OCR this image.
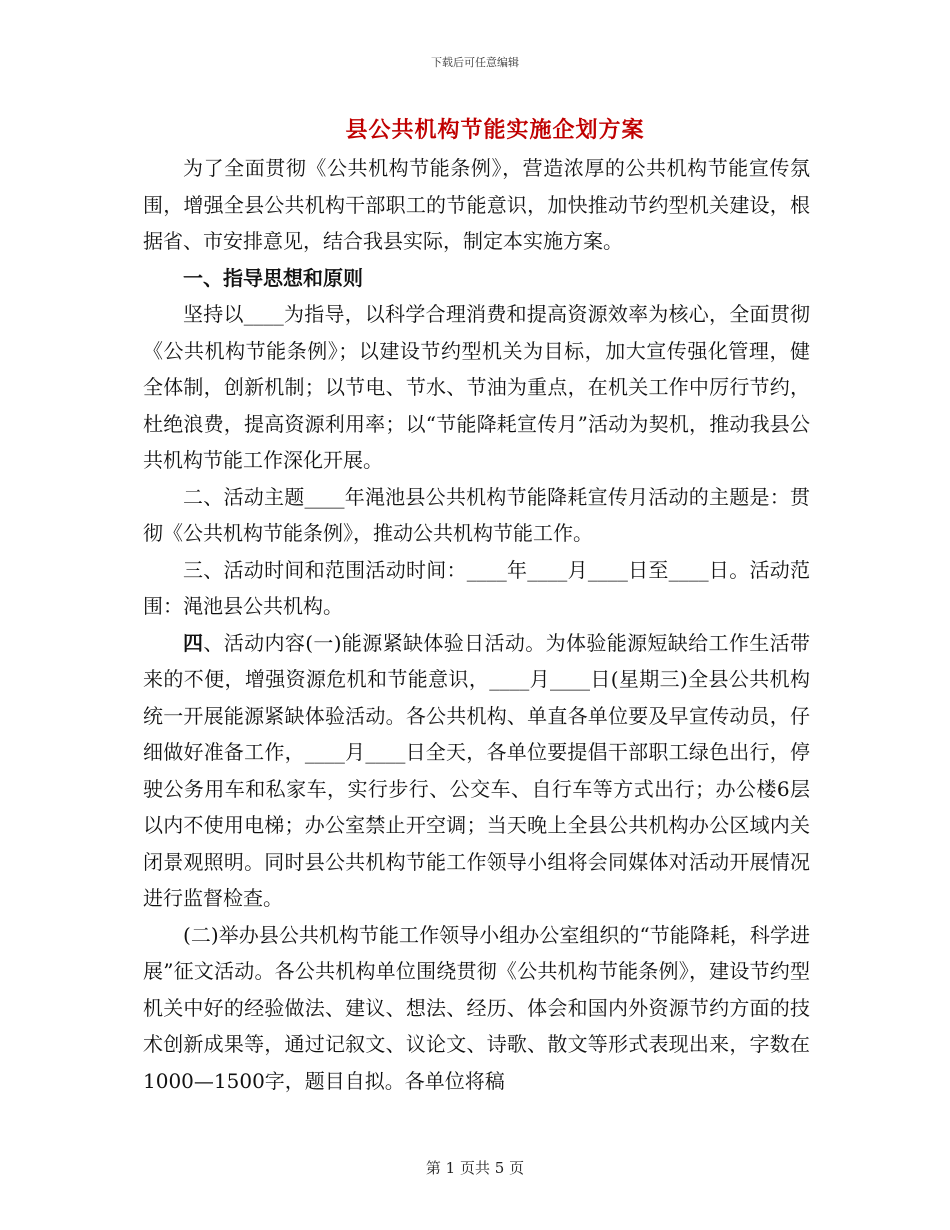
下载后可任意编辑
县公共机构节能实施企划方案

为了全面贯彻《公共机构节能条例》，营造浓厚的公共机构节能宣传氛围，增强全县公共机构干部职工的节能意识，加快推动节约型机关建设，根据省、市安排意见，结合我县实际，制定本实施方案。

一、指导思想和原则

坚持以____为指导，以科学合理消费和提高资源效率为核心，全面贯彻《公共机构节能条例》；以建设节约型机关为目标，加大宣传强化管理，健全体制，创新机制；以节电、节水、节油为重点，在机关工作中厉行节约，杜绝浪费，提高资源利用率；以“节能降耗宣传月”活动为契机，推动我县公共机构节能工作深化开展。

二、活动主题____年渑池县公共机构节能降耗宣传月活动的主题是：贯彻《公共机构节能条例》，推动公共机构节能工作。

三、活动时间和范围活动时间：____年____月____日至____日。活动范围：渑池县公共机构。

四、活动内容(一)能源紧缺体验日活动。为体验能源短缺给工作生活带来的不便，增强资源危机和节能意识，____月____日(星期三)全县公共机构统一开展能源紧缺体验活动。各公共机构、单直各单位要及早宣传动员，仔细做好准备工作，____月____日全天，各单位要提倡干部职工绿色出行，停驶公务用车和私家车，实行步行、公交车、自行车等方式出行；办公楼6层以内不使用电梯；办公室禁止开空调；当天晚上全县公共机构办公区域内关闭景观照明。同时县公共机构节能工作领导小组将会同媒体对活动开展情况进行监督检查。

(二)举办县公共机构节能工作领导小组办公室组织的“节能降耗，科学进展”征文活动。各公共机构单位围绕贯彻《公共机构节能条例》，建设节约型机关中好的经验做法、建议、想法、经历、体会和国内外资源节约方面的技术创新成果等，通过记叙文、议论文、诗歌、散文等形式表现出来，字数在1000—1500字，题目自拟。各单位将稿

第 1 页共 5 页
